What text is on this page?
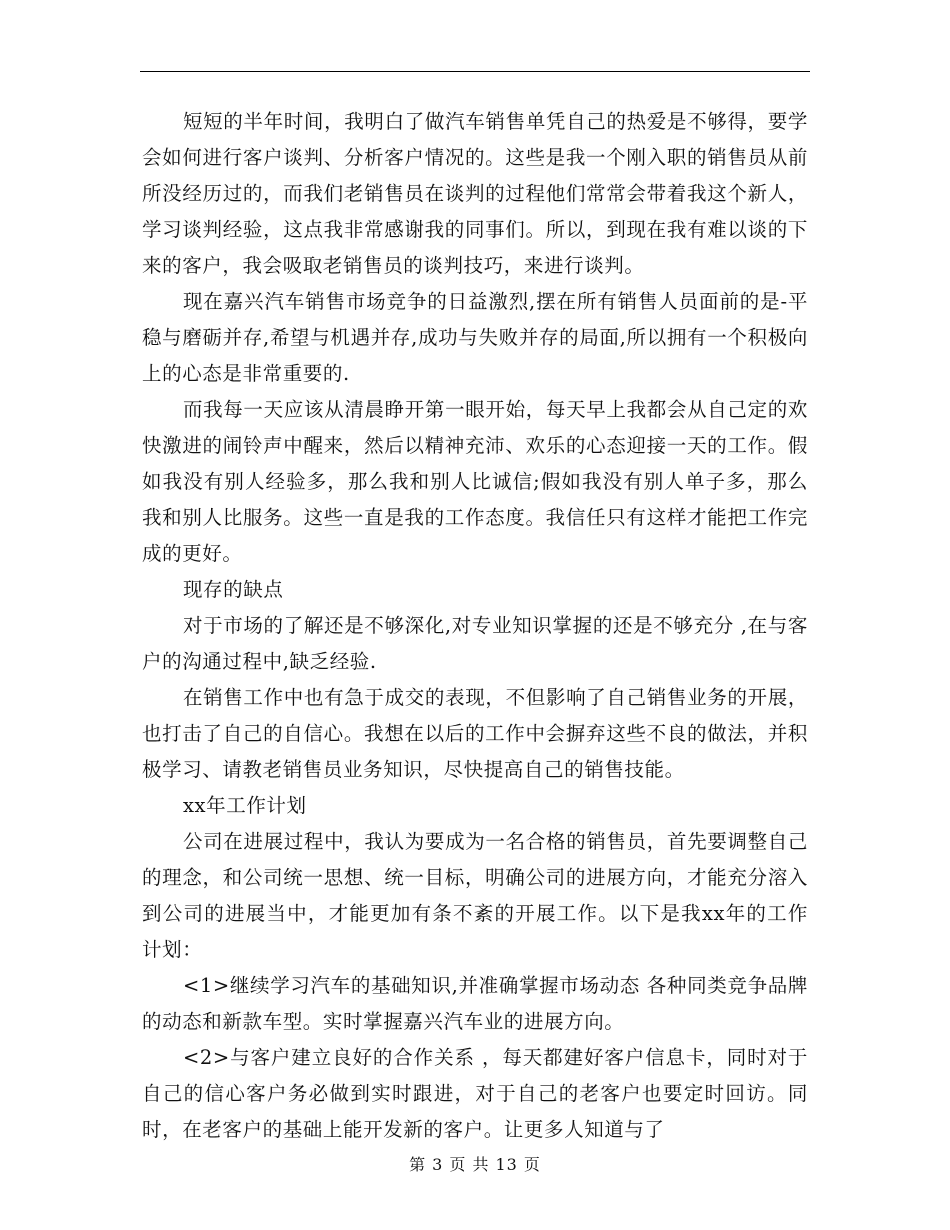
短短的半年时间，我明白了做汽车销售单凭自己的热爱是不够得，要学会如何进行客户谈判、分析客户情况的。这些是我一个刚入职的销售员从前所没经历过的，而我们老销售员在谈判的过程他们常常会带着我这个新人，学习谈判经验，这点我非常感谢我的同事们。所以，到现在我有难以谈的下来的客户，我会吸取老销售员的谈判技巧，来进行谈判。

现在嘉兴汽车销售市场竞争的日益激烈,摆在所有销售人员面前的是-平稳与磨砺并存,希望与机遇并存,成功与失败并存的局面,所以拥有一个积极向上的心态是非常重要的.

而我每一天应该从清晨睁开第一眼开始，每天早上我都会从自己定的欢快激进的闹铃声中醒来，然后以精神充沛、欢乐的心态迎接一天的工作。假如我没有别人经验多，那么我和别人比诚信;假如我没有别人单子多，那么我和别人比服务。这些一直是我的工作态度。我信任只有这样才能把工作完成的更好。

现存的缺点

对于市场的了解还是不够深化,对专业知识掌握的还是不够充分 ,在与客户的沟通过程中,缺乏经验.

在销售工作中也有急于成交的表现，不但影响了自己销售业务的开展，也打击了自己的自信心。我想在以后的工作中会摒弃这些不良的做法，并积极学习、请教老销售员业务知识，尽快提高自己的销售技能。

xx年工作计划

公司在进展过程中，我认为要成为一名合格的销售员，首先要调整自己的理念，和公司统一思想、统一目标，明确公司的进展方向，才能充分溶入到公司的进展当中，才能更加有条不紊的开展工作。以下是我xx年的工作计划：

<1>继续学习汽车的基础知识,并准确掌握市场动态 各种同类竞争品牌的动态和新款车型。实时掌握嘉兴汽车业的进展方向。

<2>与客户建立良好的合作关系 ，每天都建好客户信息卡，同时对于自己的信心客户务必做到实时跟进，对于自己的老客户也要定时回访。同时，在老客户的基础上能开发新的客户。让更多人知道与了

第 3 页 共 13 页
